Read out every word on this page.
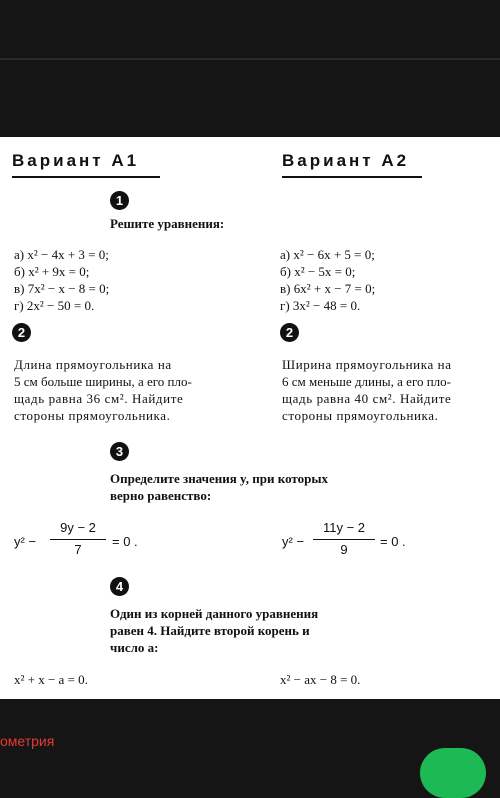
Вариант А1	Вариант А2
1
Решите уравнения:
а) x² − 4x + 3 = 0;
б) x² + 9x = 0;
в) 7x² − x − 8 = 0;
г) 2x² − 50 = 0.
а) x² − 6x + 5 = 0;
б) x² − 5x = 0;
в) 6x² + x − 7 = 0;
г) 3x² − 48 = 0.
2	2
Длина прямоугольника на
5 см больше ширины, а его пло-
щадь равна 36 см². Найдите
стороны прямоугольника.
Ширина прямоугольника на
6 см меньше длины, а его пло-
щадь равна 40 см². Найдите
стороны прямоугольника.
3
Определите значения y, при которых
верно равенство:
y² −
9y − 2
7
= 0 .	y² −
11y − 2
9
= 0 .
4
Один из корней данного уравнения
равен 4. Найдите второй корень и
число a:
x² + x − a = 0.	x² − ax − 8 = 0.
ометрия
